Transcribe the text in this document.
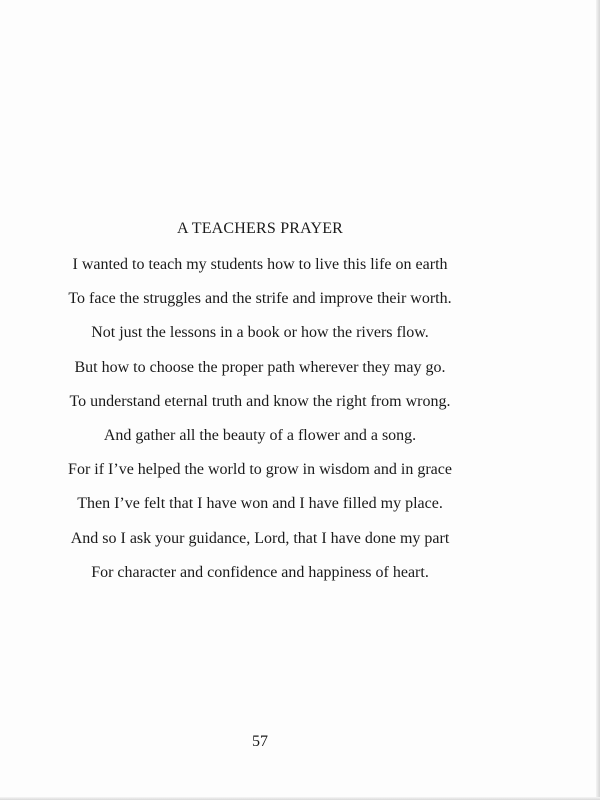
A TEACHERS PRAYER
I wanted to teach my students how to live this life on earth
To face the struggles and the strife and improve their worth.
Not just the lessons in a book or how the rivers flow.
But how to choose the proper path wherever they may go.
To understand eternal truth and know the right from wrong.
And gather all the beauty of a flower and a song.
For if I’ve helped the world to grow in wisdom and in grace
Then I’ve felt that I have won and I have filled my place.
And so I ask your guidance, Lord, that I have done my part
For character and confidence and happiness of heart.
57
